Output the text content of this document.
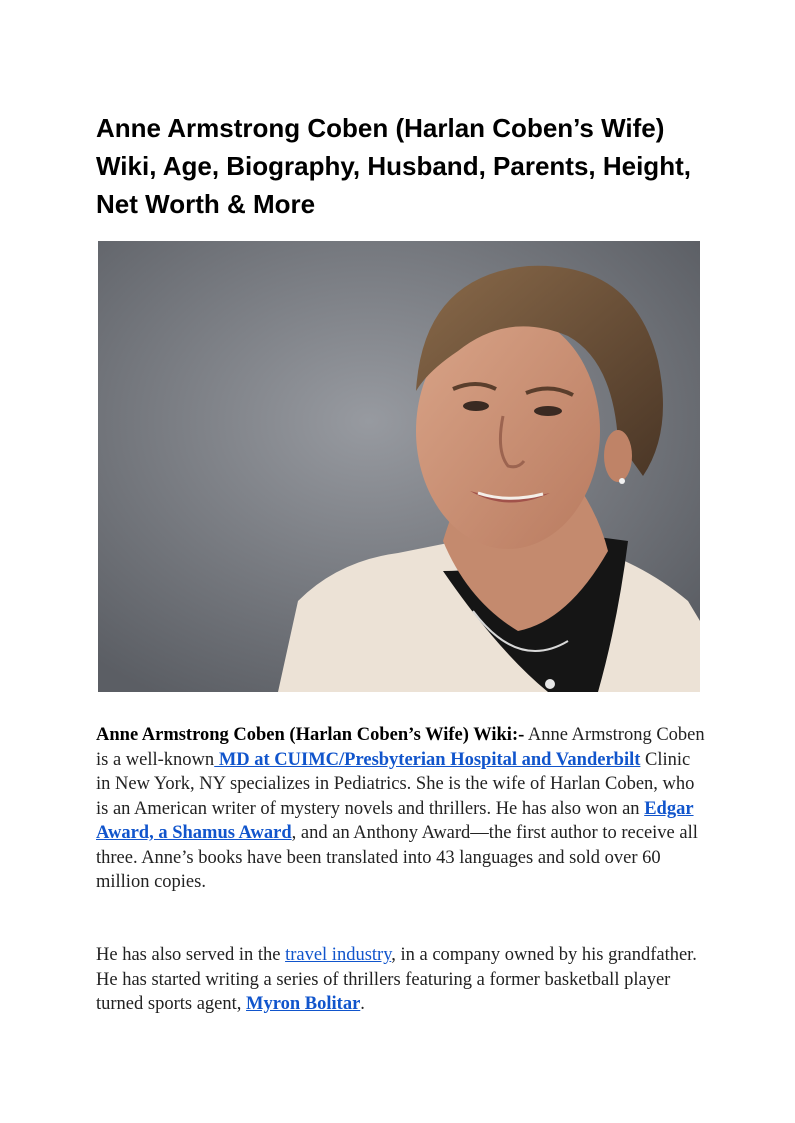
Anne Armstrong Coben (Harlan Coben’s Wife) Wiki, Age, Biography, Husband, Parents, Height, Net Worth & More

Anne Armstrong Coben (Harlan Coben’s Wife) Wiki:- Anne Armstrong Coben is a well-known MD at CUIMC/Presbyterian Hospital and Vanderbilt Clinic in New York, NY specializes in Pediatrics. She is the wife of Harlan Coben, who is an American writer of mystery novels and thrillers. He has also won an Edgar Award, a Shamus Award, and an Anthony Award—the first author to receive all three. Anne’s books have been translated into 43 languages and sold over 60 million copies.

He has also served in the travel industry, in a company owned by his grandfather. He has started writing a series of thrillers featuring a former basketball player turned sports agent, Myron Bolitar.
